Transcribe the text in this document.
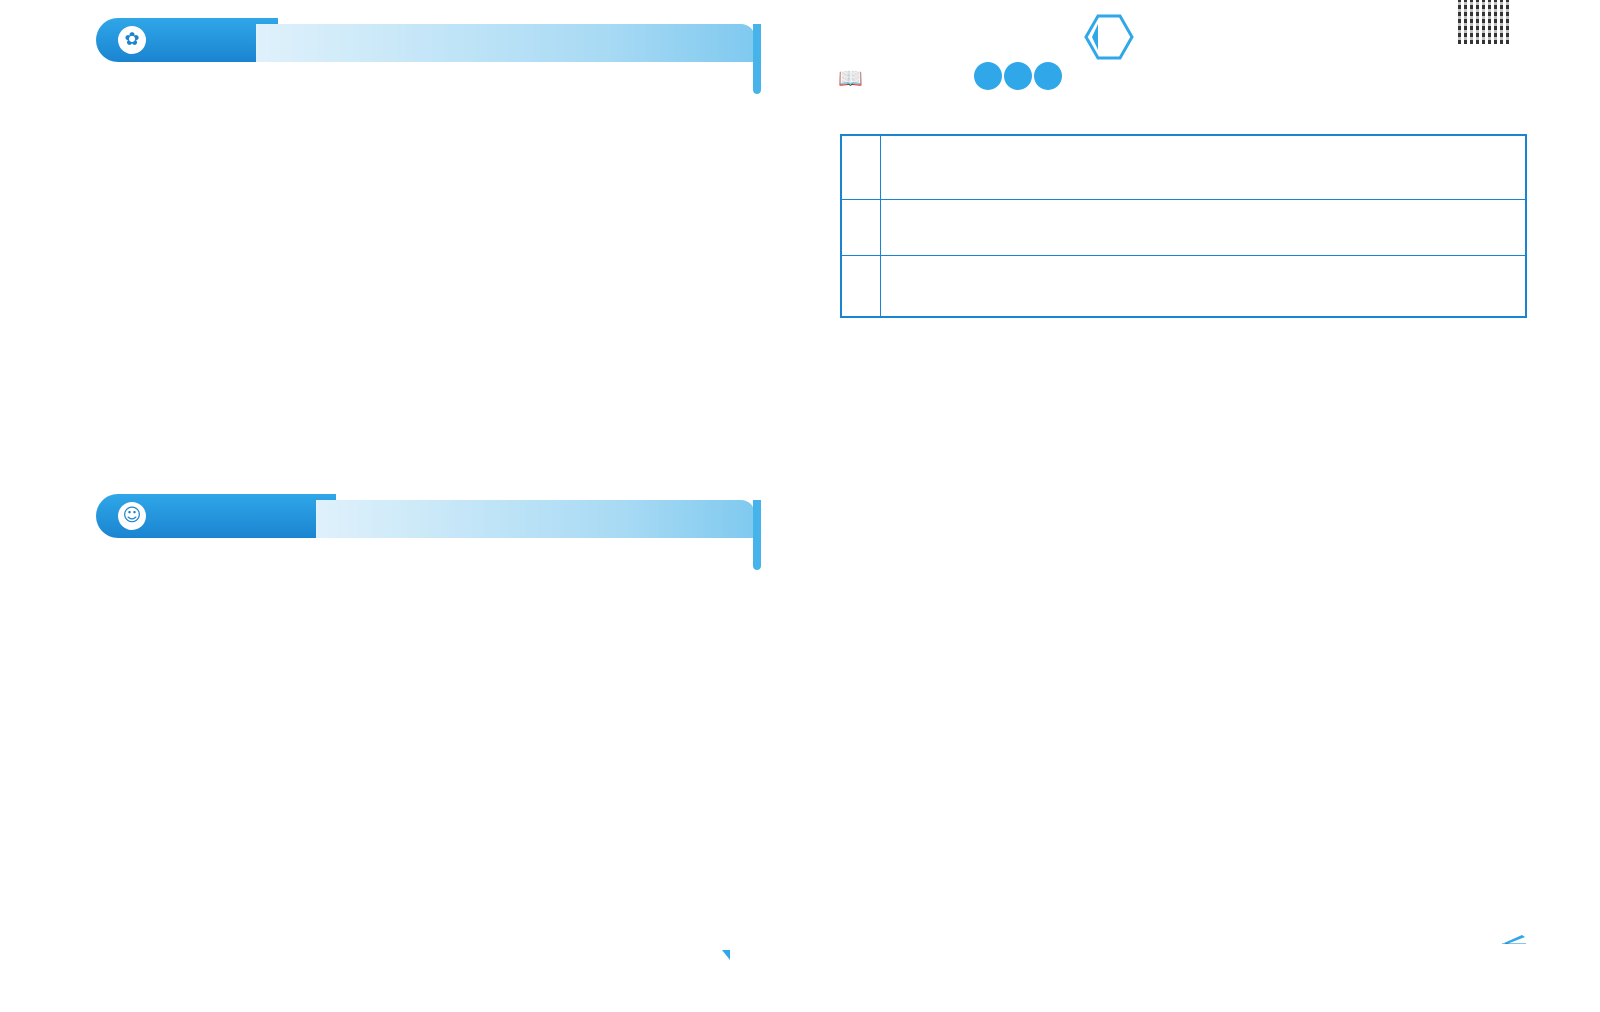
✿
☺
📖
